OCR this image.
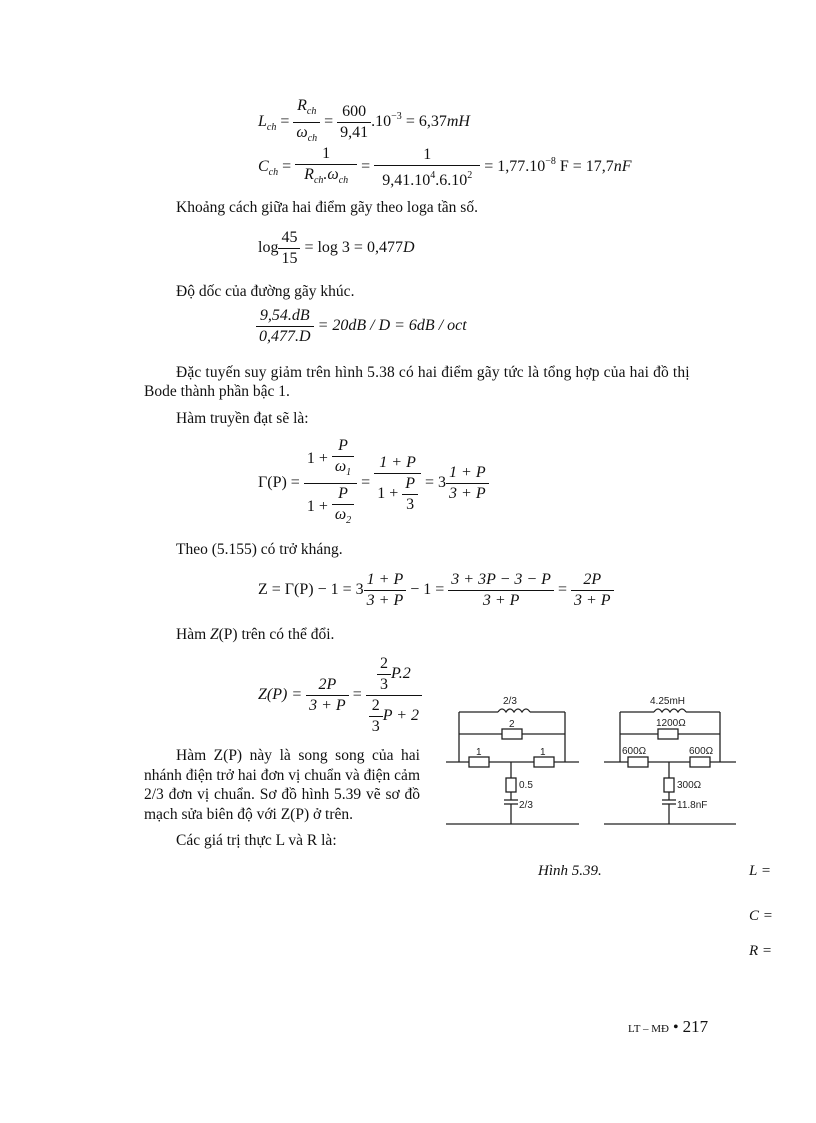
$L_{ch} = \frac{R_{ch}}{\omega_{ch}} = \frac{600}{9,41} .10^{-3} = 6,37mH$
$C_{ch} = \frac{1}{R_{ch}.\omega_{ch}} = \frac{1}{9,41.10^4.6.10^2} = 1,77.10^{-8}$ F = 17,7nF
Khoảng cách giữa hai điểm gãy theo loga tần số.
$\log \frac{45}{15} = \log 3 = 0,477D$
Độ dốc của đường gãy khúc.
$\frac{9,54.dB}{0,477.D} = 20dB / D = 6dB$ / oct
Đặc tuyến suy giảm trên hình 5.38 có hai điểm gãy tức là tổng hợp của hai đồ thị
Bode thành phần bậc 1.
Hàm truyền đạt sẽ là:
$\Gamma(P) = \frac{1 + \frac{P}{\omega_1}}{1 + \frac{P}{\omega_2}} = \frac{1 + P}{1 + \frac{P}{3}} = 3 \frac{1 + P}{3 + P}$
Theo (5.155) có trở kháng.
$Z = \Gamma(P) - 1 = 3 \frac{1 + P}{3 + P} - 1 = \frac{3 + 3P - 3 - P}{3 + P} = \frac{2P}{3 + P}$
Hàm Z(P) trên có thể đổi.
$Z(P) = \frac{2P}{3 + P} = \frac{\frac{2}{3} P.2}{\frac{2}{3} P + 2}$
Hàm Z(P) này là song song của hai nhánh điện trở hai đơn vị chuẩn và điện cảm 2/3 đơn vị chuẩn. Sơ đồ hình 5.39 vẽ sơ đồ mạch sửa biên độ với Z(P) ở trên.
Các giá trị thực L và R là:
2/3
2
1	1
0.5
2/3
4.25mH
1200Ω
600Ω	600Ω
300Ω
11.8nF
Hình 5.39.	L =
C =
R =
LT – MĐ • 217
